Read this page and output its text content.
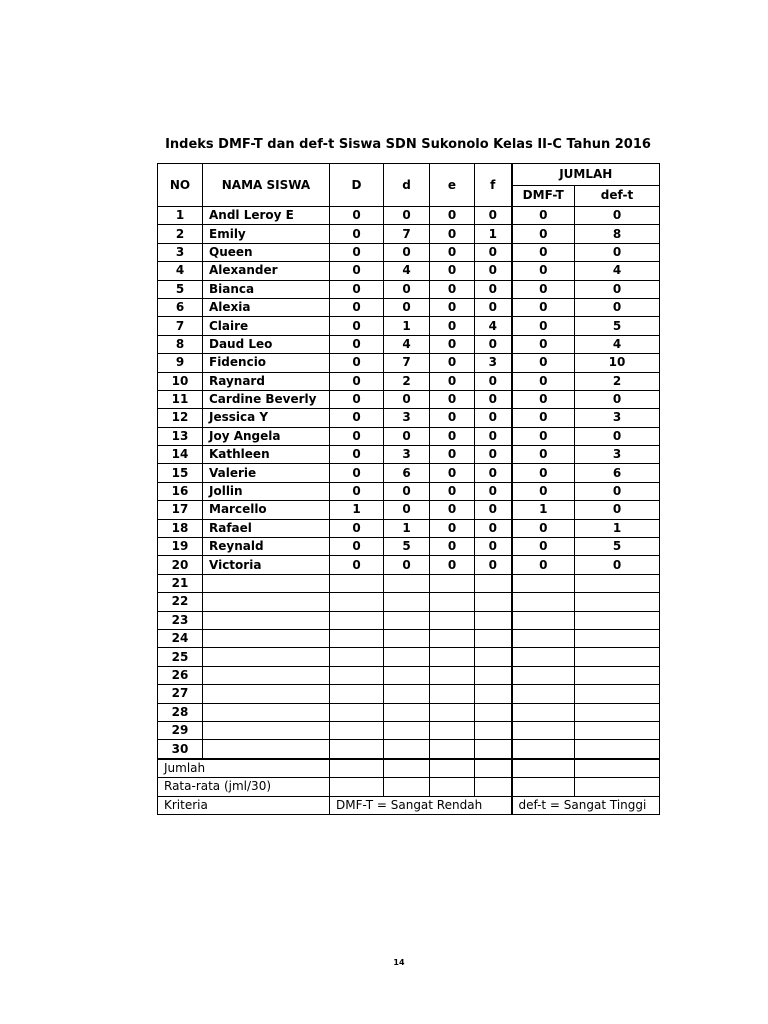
Indeks DMF-T dan def-t Siswa SDN Sukonolo Kelas II-C Tahun 2016
NO	NAMA SISWA	D	d	e	f	JUMLAH	
						DMF-T	def-t
1	Andl Leroy E	0	0	0	0	0	0
2	Emily	0	7	0	1	0	8
3	Queen	0	0	0	0	0	0
4	Alexander	0	4	0	0	0	4
5	Bianca	0	0	0	0	0	0
6	Alexia	0	0	0	0	0	0
7	Claire	0	1	0	4	0	5
8	Daud Leo	0	4	0	0	0	4
9	Fidencio	0	7	0	3	0	10
10	Raynard	0	2	0	0	0	2
11	Cardine Beverly	0	0	0	0	0	0
12	Jessica Y	0	3	0	0	0	3
13	Joy Angela	0	0	0	0	0	0
14	Kathleen	0	3	0	0	0	3
15	Valerie	0	6	0	0	0	6
16	Jollin	0	0	0	0	0	0
17	Marcello	1	0	0	0	1	0
18	Rafael	0	1	0	0	0	1
19	Reynald	0	5	0	0	0	5
20	Victoria	0	0	0	0	0	0
21							
22							
23							
24							
25							
26							
27							
28							
29							
30							
Jumlah							
Rata-rata (jml/30)							
Kriteria		DMF-T = Sangat Rendah				def-t = Sangat Tinggi	
14
